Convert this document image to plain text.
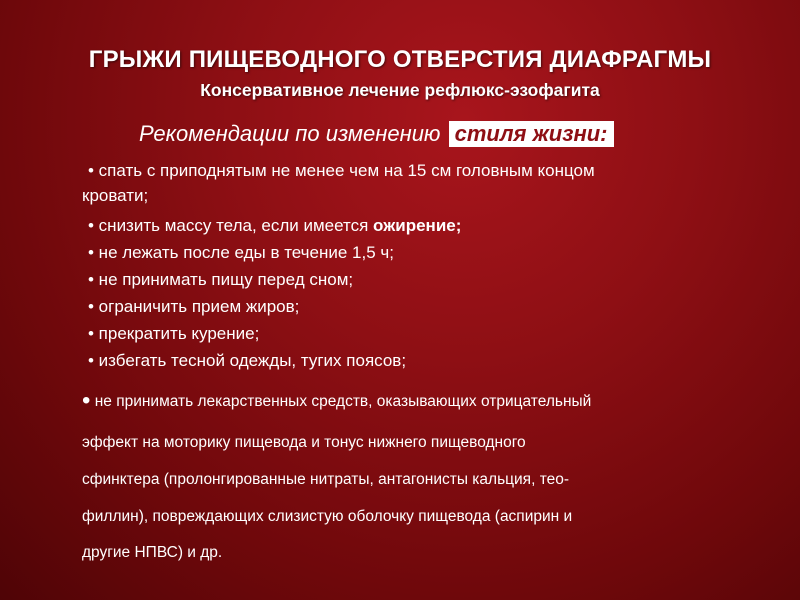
ГРЫЖИ ПИЩЕВОДНОГО ОТВЕРСТИЯ ДИАФРАГМЫ
Консервативное лечение рефлюкс-эзофагита
Рекомендации по изменению стиля жизни:
• спать с приподнятым не менее чем на 15 см головным концом
кровати;
• снизить массу тела, если имеется ожирение;
• не лежать после еды в течение 1,5 ч;
• не принимать пищу перед сном;
• ограничить прием жиров;
• прекратить курение;
• избегать тесной одежды, тугих поясов;
• не принимать лекарственных средств, оказывающих отрицательный
эффект на моторику пищевода и тонус нижнего пищеводного
сфинктера (пролонгированные нитраты, антагонисты кальция, тео-
филлин), повреждающих слизистую оболочку пищевода (аспирин и
другие НПВС) и др.
